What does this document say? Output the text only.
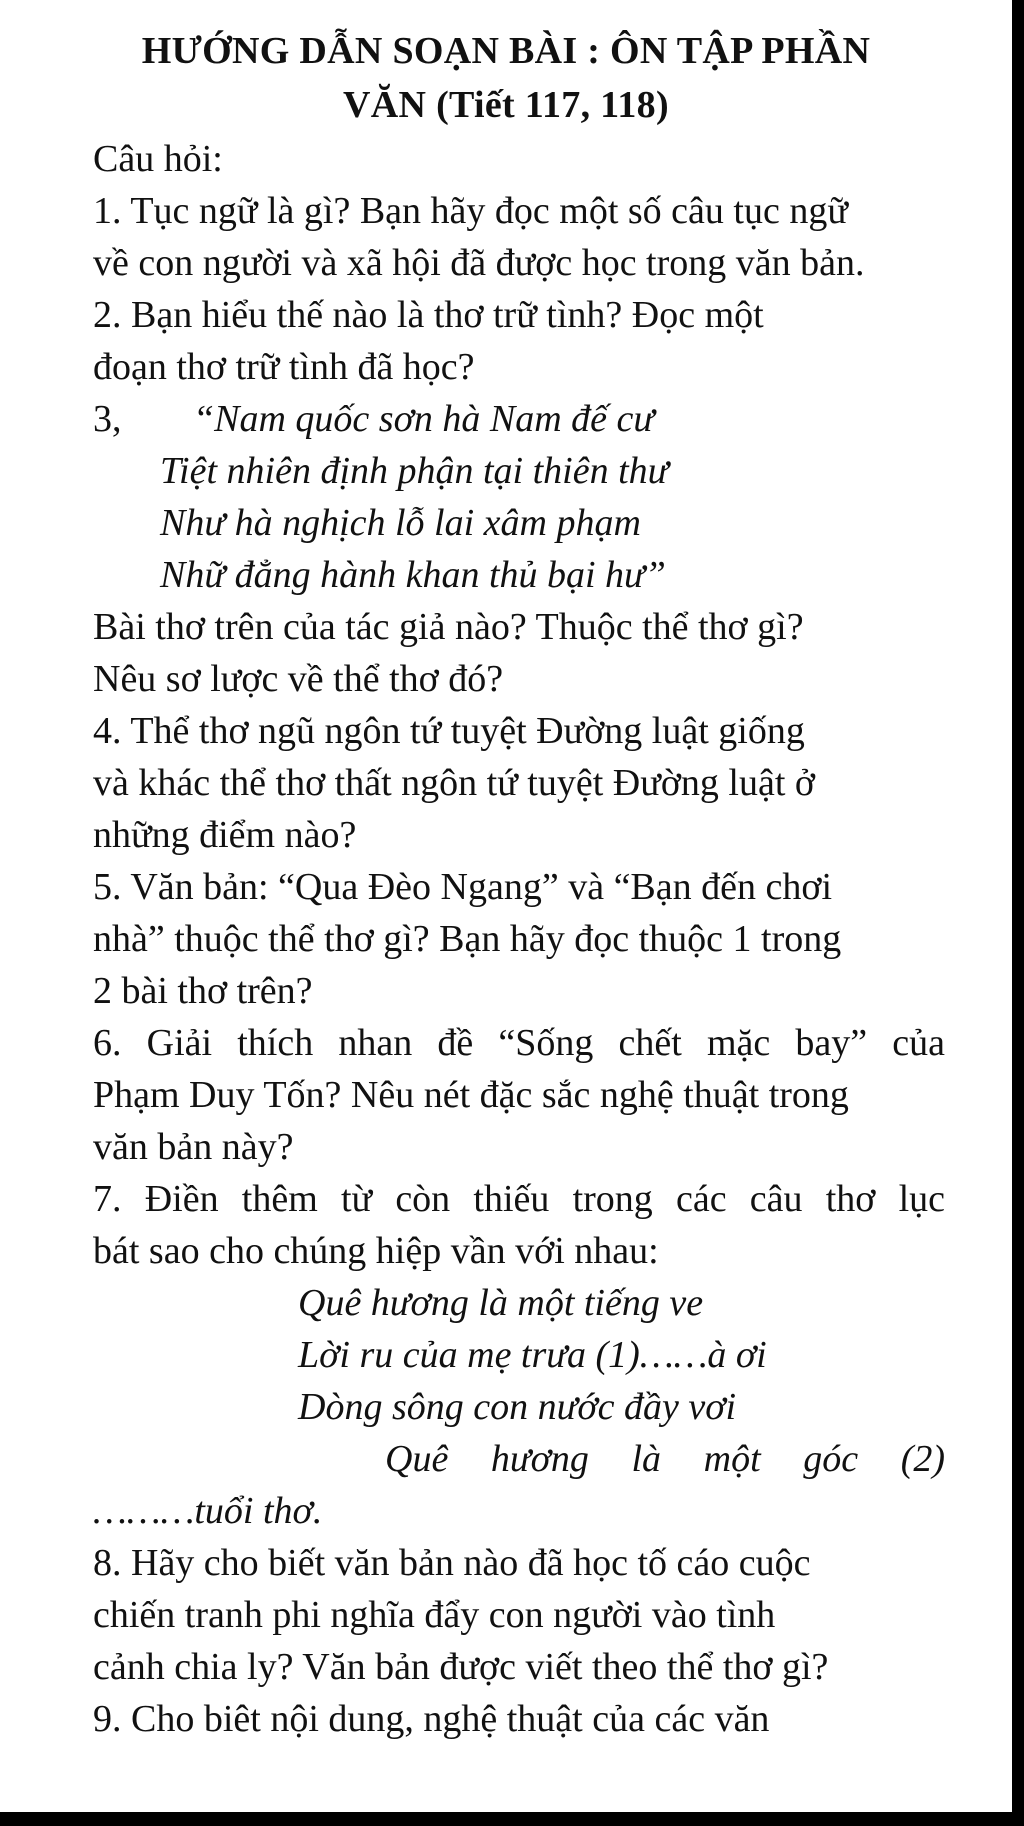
HƯỚNG DẪN SOẠN BÀI : ÔN TẬP PHẦN
VĂN (Tiết 117, 118)
Câu hỏi:
1. Tục ngữ là gì? Bạn hãy đọc một số câu tục ngữ
về con người và xã hội đã được học trong văn bản.
2. Bạn hiểu thế nào là thơ trữ tình? Đọc một
đoạn thơ trữ tình đã học?
3, “Nam quốc sơn hà Nam đế cư
Tiệt nhiên định phận tại thiên thư
Như hà nghịch lỗ lai xâm phạm
Nhữ đẳng hành khan thủ bại hư”
Bài thơ trên của tác giả nào? Thuộc thể thơ gì?
Nêu sơ lược về thể thơ đó?
4. Thể thơ ngũ ngôn tứ tuyệt Đường luật giống
và khác thể thơ thất ngôn tứ tuyệt Đường luật ở
những điểm nào?
5. Văn bản: “Qua Đèo Ngang” và “Bạn đến chơi
nhà” thuộc thể thơ gì? Bạn hãy đọc thuộc 1 trong
2 bài thơ trên?
6. Giải thích nhan đề “Sống chết mặc bay” của
Phạm Duy Tốn? Nêu nét đặc sắc nghệ thuật trong
văn bản này?
7. Điền thêm từ còn thiếu trong các câu thơ lục
bát sao cho chúng hiệp vần với nhau:
Quê hương là một tiếng ve
Lời ru của mẹ trưa (1)……à ơi
Dòng sông con nước đầy vơi
Quê hương là một góc (2)
………tuổi thơ.
8. Hãy cho biết văn bản nào đã học tố cáo cuộc
chiến tranh phi nghĩa đẩy con người vào tình
cảnh chia ly? Văn bản được viết theo thể thơ gì?
9. Cho biêt nội dung, nghệ thuật của các văn
